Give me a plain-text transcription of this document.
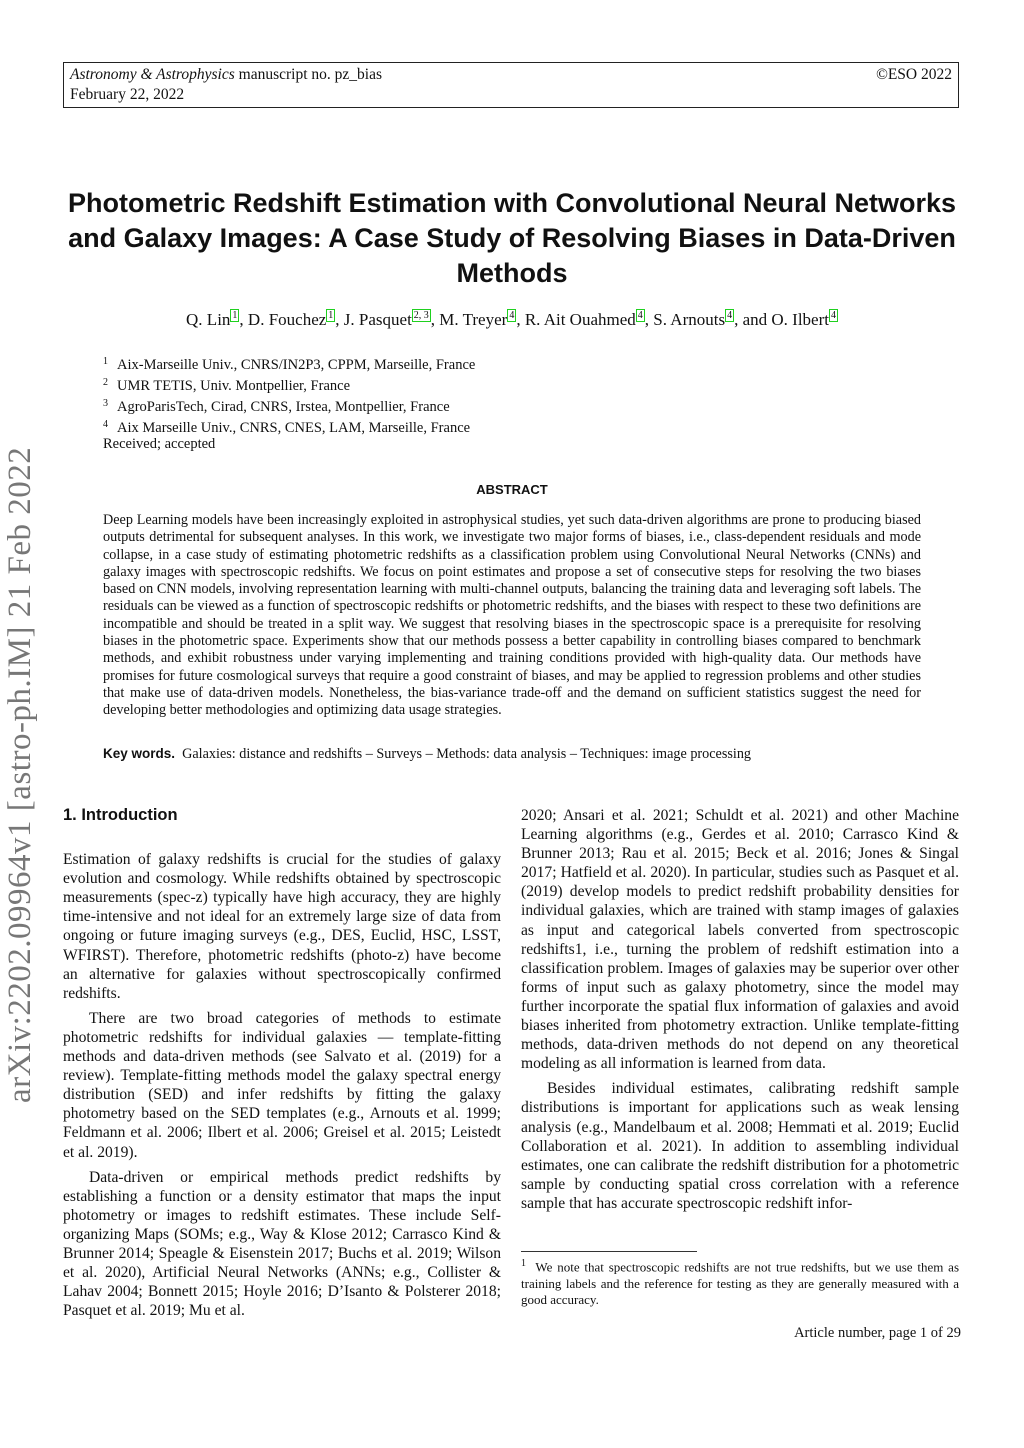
Astronomy & Astrophysics manuscript no. pz_bias
February 22, 2022
©ESO 2022
arXiv:2202.09964v1 [astro-ph.IM] 21 Feb 2022
Photometric Redshift Estimation with Convolutional Neural Networks and Galaxy Images: A Case Study of Resolving Biases in Data-Driven Methods
Q. Lin $^1$ , D. Fouchez $^1$ , J. Pasquet $^{2, 3}$ , M. Treyer $^4$ , R. Ait Ouahmed $^4$ , S. Arnouts $^4$ , and O. Ilbert $^4$
$^1$ Aix-Marseille Univ., CNRS/IN2P3, CPPM, Marseille, France
$^2$ UMR TETIS, Univ. Montpellier, France
$^3$ AgroParisTech, Cirad, CNRS, Irstea, Montpellier, France
$^4$ Aix Marseille Univ., CNRS, CNES, LAM, Marseille, France
Received; accepted
ABSTRACT

Deep Learning models have been increasingly exploited in astrophysical studies, yet such data-driven algorithms are prone to producing biased outputs detrimental for subsequent analyses. In this work, we investigate two major forms of biases, i.e., class-dependent residuals and mode collapse, in a case study of estimating photometric redshifts as a classification problem using Convolutional Neural Networks (CNNs) and galaxy images with spectroscopic redshifts. We focus on point estimates and propose a set of consecutive steps for resolving the two biases based on CNN models, involving representation learning with multi-channel outputs, balancing the training data and leveraging soft labels. The residuals can be viewed as a function of spectroscopic redshifts or photometric redshifts, and the biases with respect to these two definitions are incompatible and should be treated in a split way. We suggest that resolving biases in the spectroscopic space is a prerequisite for resolving biases in the photometric space. Experiments show that our methods possess a better capability in controlling biases compared to benchmark methods, and exhibit robustness under varying implementing and training conditions provided with high-quality data. Our methods have promises for future cosmological surveys that require a good constraint of biases, and may be applied to regression problems and other studies that make use of data-driven models. Nonetheless, the bias-variance trade-off and the demand on sufficient statistics suggest the need for developing better methodologies and optimizing data usage strategies.

Key words. Galaxies: distance and redshifts – Surveys – Methods: data analysis – Techniques: image processing
1. Introduction

Estimation of galaxy redshifts is crucial for the studies of galaxy evolution and cosmology. While redshifts obtained by spectroscopic measurements (spec-z) typically have high accuracy, they are highly time-intensive and not ideal for an extremely large size of data from ongoing or future imaging surveys (e.g., DES, Euclid, HSC, LSST, WFIRST). Therefore, photometric redshifts (photo-z) have become an alternative for galaxies without spectroscopically confirmed redshifts.

There are two broad categories of methods to estimate photometric redshifts for individual galaxies — template-fitting methods and data-driven methods (see Salvato et al. (2019) for a review). Template-fitting methods model the galaxy spectral energy distribution (SED) and infer redshifts by fitting the galaxy photometry based on the SED templates (e.g., Arnouts et al. 1999; Feldmann et al. 2006; Ilbert et al. 2006; Greisel et al. 2015; Leistedt et al. 2019).

Data-driven or empirical methods predict redshifts by establishing a function or a density estimator that maps the input photometry or images to redshift estimates. These include Self-organizing Maps (SOMs; e.g., Way & Klose 2012; Carrasco Kind & Brunner 2014; Speagle & Eisenstein 2017; Buchs et al. 2019; Wilson et al. 2020), Artificial Neural Networks (ANNs; e.g., Collister & Lahav 2004; Bonnett 2015; Hoyle 2016; D’Isanto & Polsterer 2018; Pasquet et al. 2019; Mu et al.

2020; Ansari et al. 2021; Schuldt et al. 2021) and other Machine Learning algorithms (e.g., Gerdes et al. 2010; Carrasco Kind & Brunner 2013; Rau et al. 2015; Beck et al. 2016; Jones & Singal 2017; Hatfield et al. 2020). In particular, studies such as Pasquet et al. (2019) develop models to predict redshift probability densities for individual galaxies, which are trained with stamp images of galaxies as input and categorical labels converted from spectroscopic redshifts1, i.e., turning the problem of redshift estimation into a classification problem. Images of galaxies may be superior over other forms of input such as galaxy photometry, since the model may further incorporate the spatial flux information of galaxies and avoid biases inherited from photometry extraction. Unlike template-fitting methods, data-driven methods do not depend on any theoretical modeling as all information is learned from data.

Besides individual estimates, calibrating redshift sample distributions is important for applications such as weak lensing analysis (e.g., Mandelbaum et al. 2008; Hemmati et al. 2019; Euclid Collaboration et al. 2021). In addition to assembling individual estimates, one can calibrate the redshift distribution for a photometric sample by conducting spatial cross correlation with a reference sample that has accurate spectroscopic redshift infor-

$^1$ We note that spectroscopic redshifts are not true redshifts, but we use them as training labels and the reference for testing as they are generally measured with a good accuracy.
Article number, page 1 of 29
